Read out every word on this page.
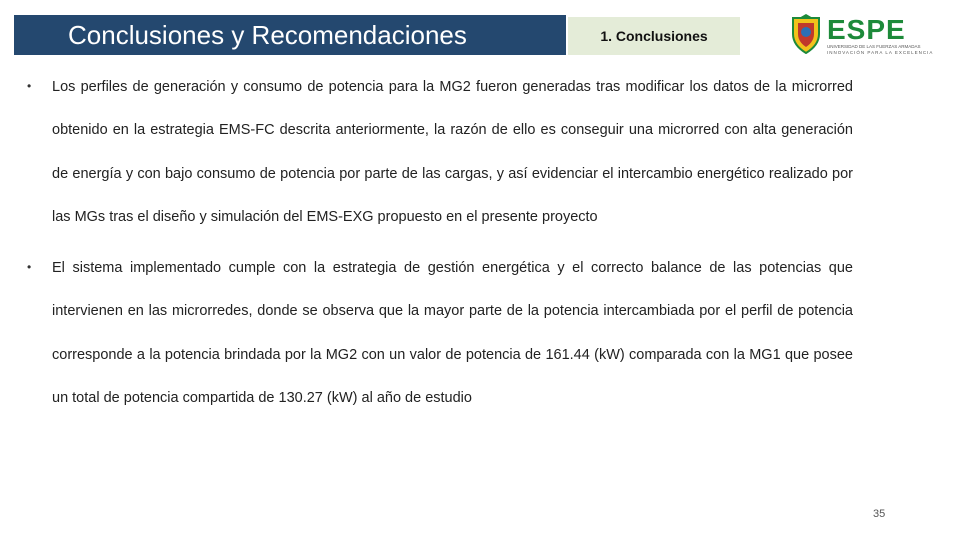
Conclusiones y Recomendaciones	1. Conclusiones	ESPE
UNIVERSIDAD DE LAS FUERZAS ARMADAS
INNOVACIÓN PARA LA EXCELENCIA
• Los perfiles de generación y consumo de potencia para la MG2 fueron generadas tras modificar los datos de la microrred obtenido en la estrategia EMS-FC descrita anteriormente, la razón de ello es conseguir una microrred con alta generación de energía y con bajo consumo de potencia por parte de las cargas, y así evidenciar el intercambio energético realizado por las MGs tras el diseño y simulación del EMS-EXG propuesto en el presente proyecto
• El sistema implementado cumple con la estrategia de gestión energética y el correcto balance de las potencias que intervienen en las microrredes, donde se observa que la mayor parte de la potencia intercambiada por el perfil de potencia corresponde a la potencia brindada por la MG2 con un valor de potencia de 161.44 (kW) comparada con la MG1 que posee un total de potencia compartida de 130.27 (kW) al año de estudio
35
